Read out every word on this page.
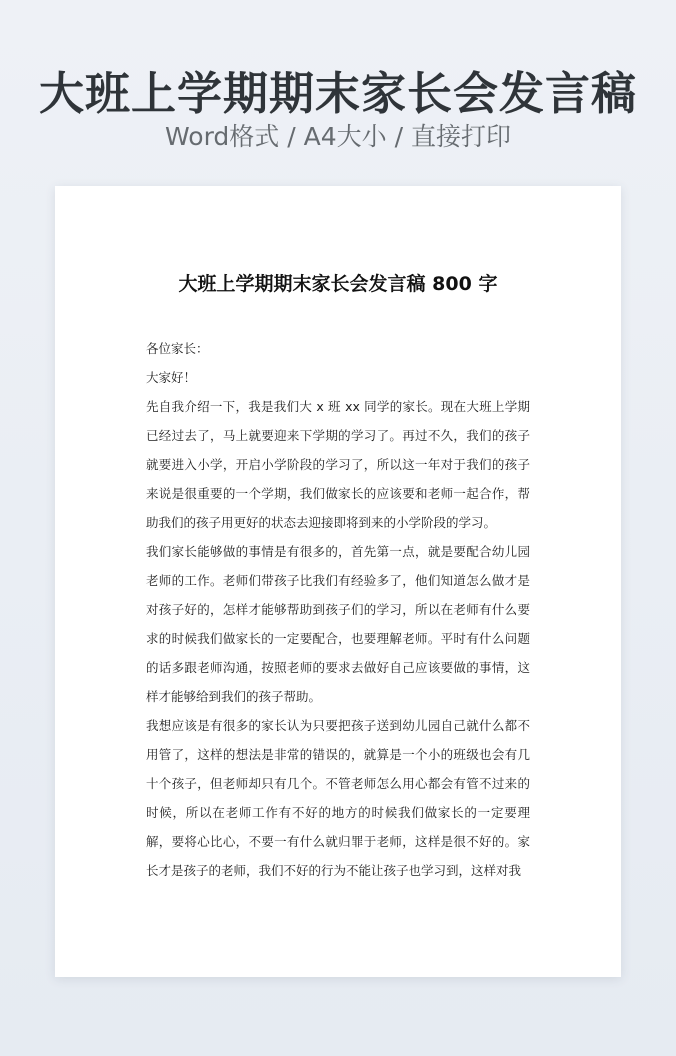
大班上学期期末家长会发言稿
Word格式 / A4大小 / 直接打印
大班上学期期末家长会发言稿 800 字

各位家长：

大家好！

先自我介绍一下，我是我们大 x 班 xx 同学的家长。现在大班上学期已经过去了，马上就要迎来下学期的学习了。再过不久，我们的孩子就要进入小学，开启小学阶段的学习了，所以这一年对于我们的孩子来说是很重要的一个学期，我们做家长的应该要和老师一起合作，帮助我们的孩子用更好的状态去迎接即将到来的小学阶段的学习。

我们家长能够做的事情是有很多的，首先第一点，就是要配合幼儿园老师的工作。老师们带孩子比我们有经验多了，他们知道怎么做才是对孩子好的，怎样才能够帮助到孩子们的学习，所以在老师有什么要求的时候我们做家长的一定要配合，也要理解老师。平时有什么问题的话多跟老师沟通，按照老师的要求去做好自己应该要做的事情，这样才能够给到我们的孩子帮助。

我想应该是有很多的家长认为只要把孩子送到幼儿园自己就什么都不用管了，这样的想法是非常的错误的，就算是一个小的班级也会有几十个孩子，但老师却只有几个。不管老师怎么用心都会有管不过来的时候，所以在老师工作有不好的地方的时候我们做家长的一定要理解，要将心比心，不要一有什么就归罪于老师，这样是很不好的。家长才是孩子的老师，我们不好的行为不能让孩子也学习到，这样对我
